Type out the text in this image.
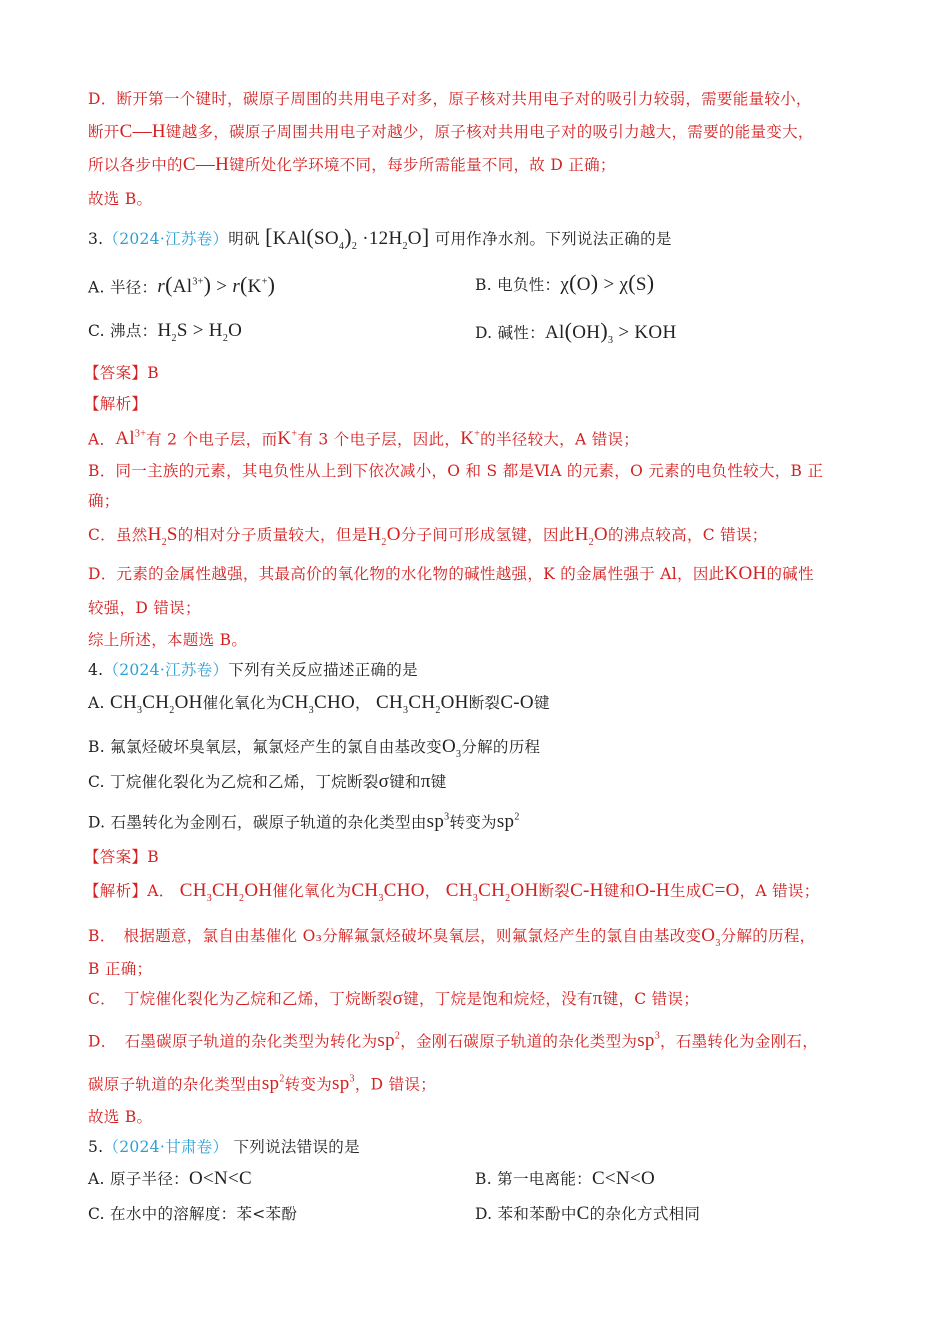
D．断开第一个键时，碳原子周围的共用电子对多，原子核对共用电子对的吸引力较弱，需要能量较小，
断开C—H键越多，碳原子周围共用电子对越少，原子核对共用电子对的吸引力越大，需要的能量变大，
所以各步中的C—H键所处化学环境不同，每步所需能量不同，故 D 正确；
故选 B。
3.（2024·江苏卷）明矾 $[KAl(SO_4)_2 \cdot 12H_2O]$ 可用作净水剂。下列说法正确的是
A. 半径：$r(Al^{3+}) > r(K^+)$	B. 电负性：χ(O) > χ(S)
C. 沸点：$H_2S > H_2O$	D. 碱性：$Al(OH)_3$ > KOH
【答案】B
【解析】
A．$Al^{3+}$有 2 个电子层，而K+有 3 个电子层，因此，K+的半径较大，A 错误；
B．同一主族的元素，其电负性从上到下依次减小，O 和 S 都是ⅥA 的元素，O 元素的电负性较大，B 正
确；
C．虽然$H_2S$的相对分子质量较大，但是$H_2O$分子间可形成氢键，因此$H_2O$的沸点较高，C 错误；
D．元素的金属性越强，其最高价的氧化物的水化物的碱性越强，K 的金属性强于 Al，因此KOH的碱性
较强，D 错误；
综上所述，本题选 B。
4.（2024·江苏卷）下列有关反应描述正确的是
A. $CH_3CH_2OH$催化氧化为$CH_3CHO$， $CH_3CH_2OH$断裂C-O键
B. 氟氯烃破坏臭氧层，氟氯烃产生的氯自由基改变$O_3$分解的历程
C. 丁烷催化裂化为乙烷和乙烯，丁烷断裂σ键和π键
D. 石墨转化为金刚石，碳原子轨道的杂化类型由$sp^3$转变为$sp^2$
【答案】B
【解析】A． $CH_3CH_2OH$催化氧化为$CH_3CHO$， $CH_3CH_2OH$断裂C-H键和O-H生成C=O，A 错误；
B．　根据题意，氯自由基催化 O₃分解氟氯烃破坏臭氧层，则氟氯烃产生的氯自由基改变$O_3$分解的历程，
B 正确；
C．　丁烷催化裂化为乙烷和乙烯，丁烷断裂σ键，丁烷是饱和烷烃，没有π键，C 错误；
D．　石墨碳原子轨道的杂化类型为转化为$sp^2$，金刚石碳原子轨道的杂化类型为$sp^3$，石墨转化为金刚石，
碳原子轨道的杂化类型由$sp^2$转变为$sp^3$，D 错误；
故选 B。
5.（2024·甘肃卷） 下列说法错误的是
A. 原子半径：O<N<C	B. 第一电离能：C<N<O
C. 在水中的溶解度：苯<苯酚	D. 苯和苯酚中C的杂化方式相同
